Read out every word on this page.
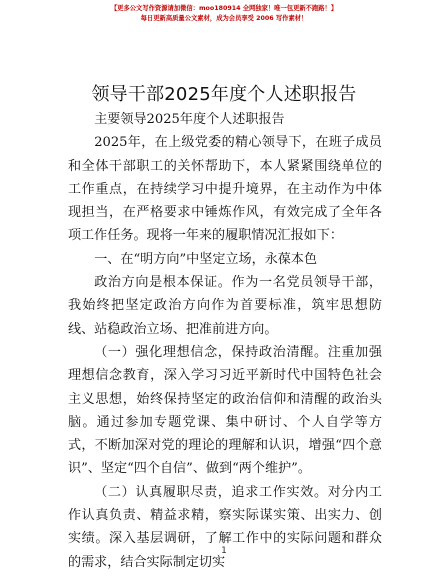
【更多公文写作资源请加微信：moo180914 全网独家！唯一包更新不跑路！】
每日更新高质量公文素材，成为会员享受 2006 写作素材！
领导干部2025年度个人述职报告

主要领导2025年度个人述职报告

2025年，在上级党委的精心领导下，在班子成员和全体干部职工的关怀帮助下，本人紧紧围绕单位的工作重点，在持续学习中提升境界，在主动作为中体现担当，在严格要求中锤炼作风，有效完成了全年各项工作任务。现将一年来的履职情况汇报如下：

一、在“明方向”中坚定立场，永葆本色

政治方向是根本保证。作为一名党员领导干部，我始终把坚定政治方向作为首要标准，筑牢思想防线、站稳政治立场、把准前进方向。

（一）强化理想信念，保持政治清醒。注重加强理想信念教育，深入学习习近平新时代中国特色社会主义思想，始终保持坚定的政治信仰和清醒的政治头脑。通过参加专题党课、集中研讨、个人自学等方式，不断加深对党的理论的理解和认识，增强“四个意识”、坚定“四个自信”、做到“两个维护”。

（二）认真履职尽责，追求工作实效。对分内工作认真负责、精益求精，察实际谋实策、出实力、创实绩。深入基层调研，了解工作中的实际问题和群众的需求，结合实际制定切实

1
